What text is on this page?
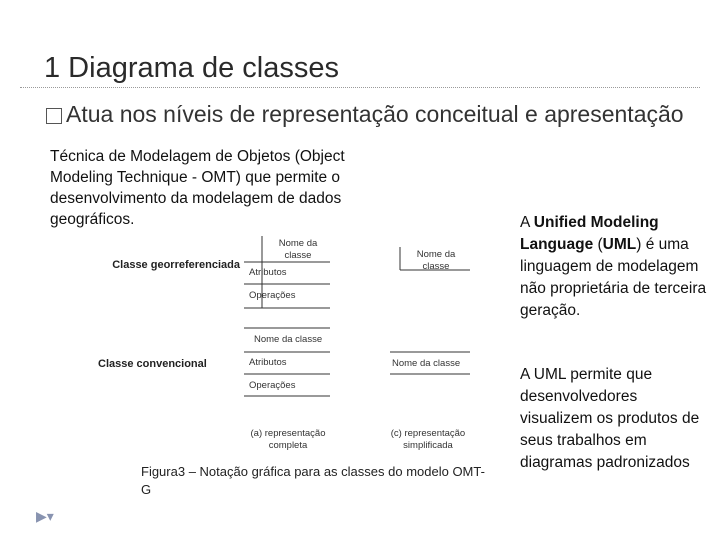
1 Diagrama de classes
Atua nos níveis de representação conceitual e apresentação
Técnica de Modelagem de Objetos (Object Modeling Technique - OMT) que permite o desenvolvimento da modelagem de dados geográficos.
Classe georreferenciada
Nome da classe
Atributos
Operações
Nome da classe
Classe convencional
Nome da classe
Atributos
Operações
Nome da classe
(a) representação completa
(c) representação simplificada
Figura3 – Notação gráfica para as classes do modelo OMT-G
A Unified Modeling Language (UML) é uma linguagem de modelagem não proprietária de terceira geração.
A UML permite que desenvolvedores visualizem os produtos de seus trabalhos em diagramas padronizados
▶▾
